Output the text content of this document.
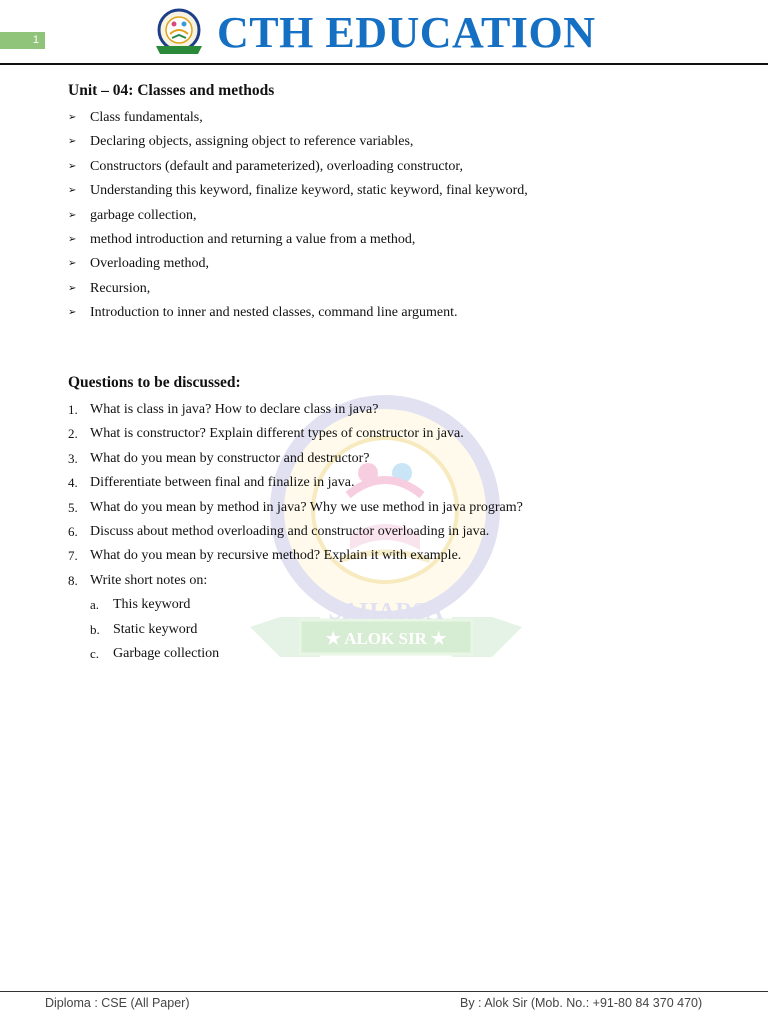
1	CTH EDUCATION
★ ALOK SIR ★
SAHARSA
Unit – 04: Classes and methods
➢ Class fundamentals,
➢ Declaring objects, assigning object to reference variables,
➢ Constructors (default and parameterized), overloading constructor,
➢ Understanding this keyword, finalize keyword, static keyword, final keyword,
➢ garbage collection,
➢ method introduction and returning a value from a method,
➢ Overloading method,
➢ Recursion,
➢ Introduction to inner and nested classes, command line argument.
Questions to be discussed:
1. What is class in java? How to declare class in java?
2. What is constructor? Explain different types of constructor in java.
3. What do you mean by constructor and destructor?
4. Differentiate between final and finalize in java.
5. What do you mean by method in java? Why we use method in java program?
6. Discuss about method overloading and constructor overloading in java.
7. What do you mean by recursive method? Explain it with example.
8. Write short notes on:
a. This keyword
b. Static keyword
c. Garbage collection
Diploma : CSE (All Paper)	By : Alok Sir (Mob. No.: +91-80 84 370 470)
